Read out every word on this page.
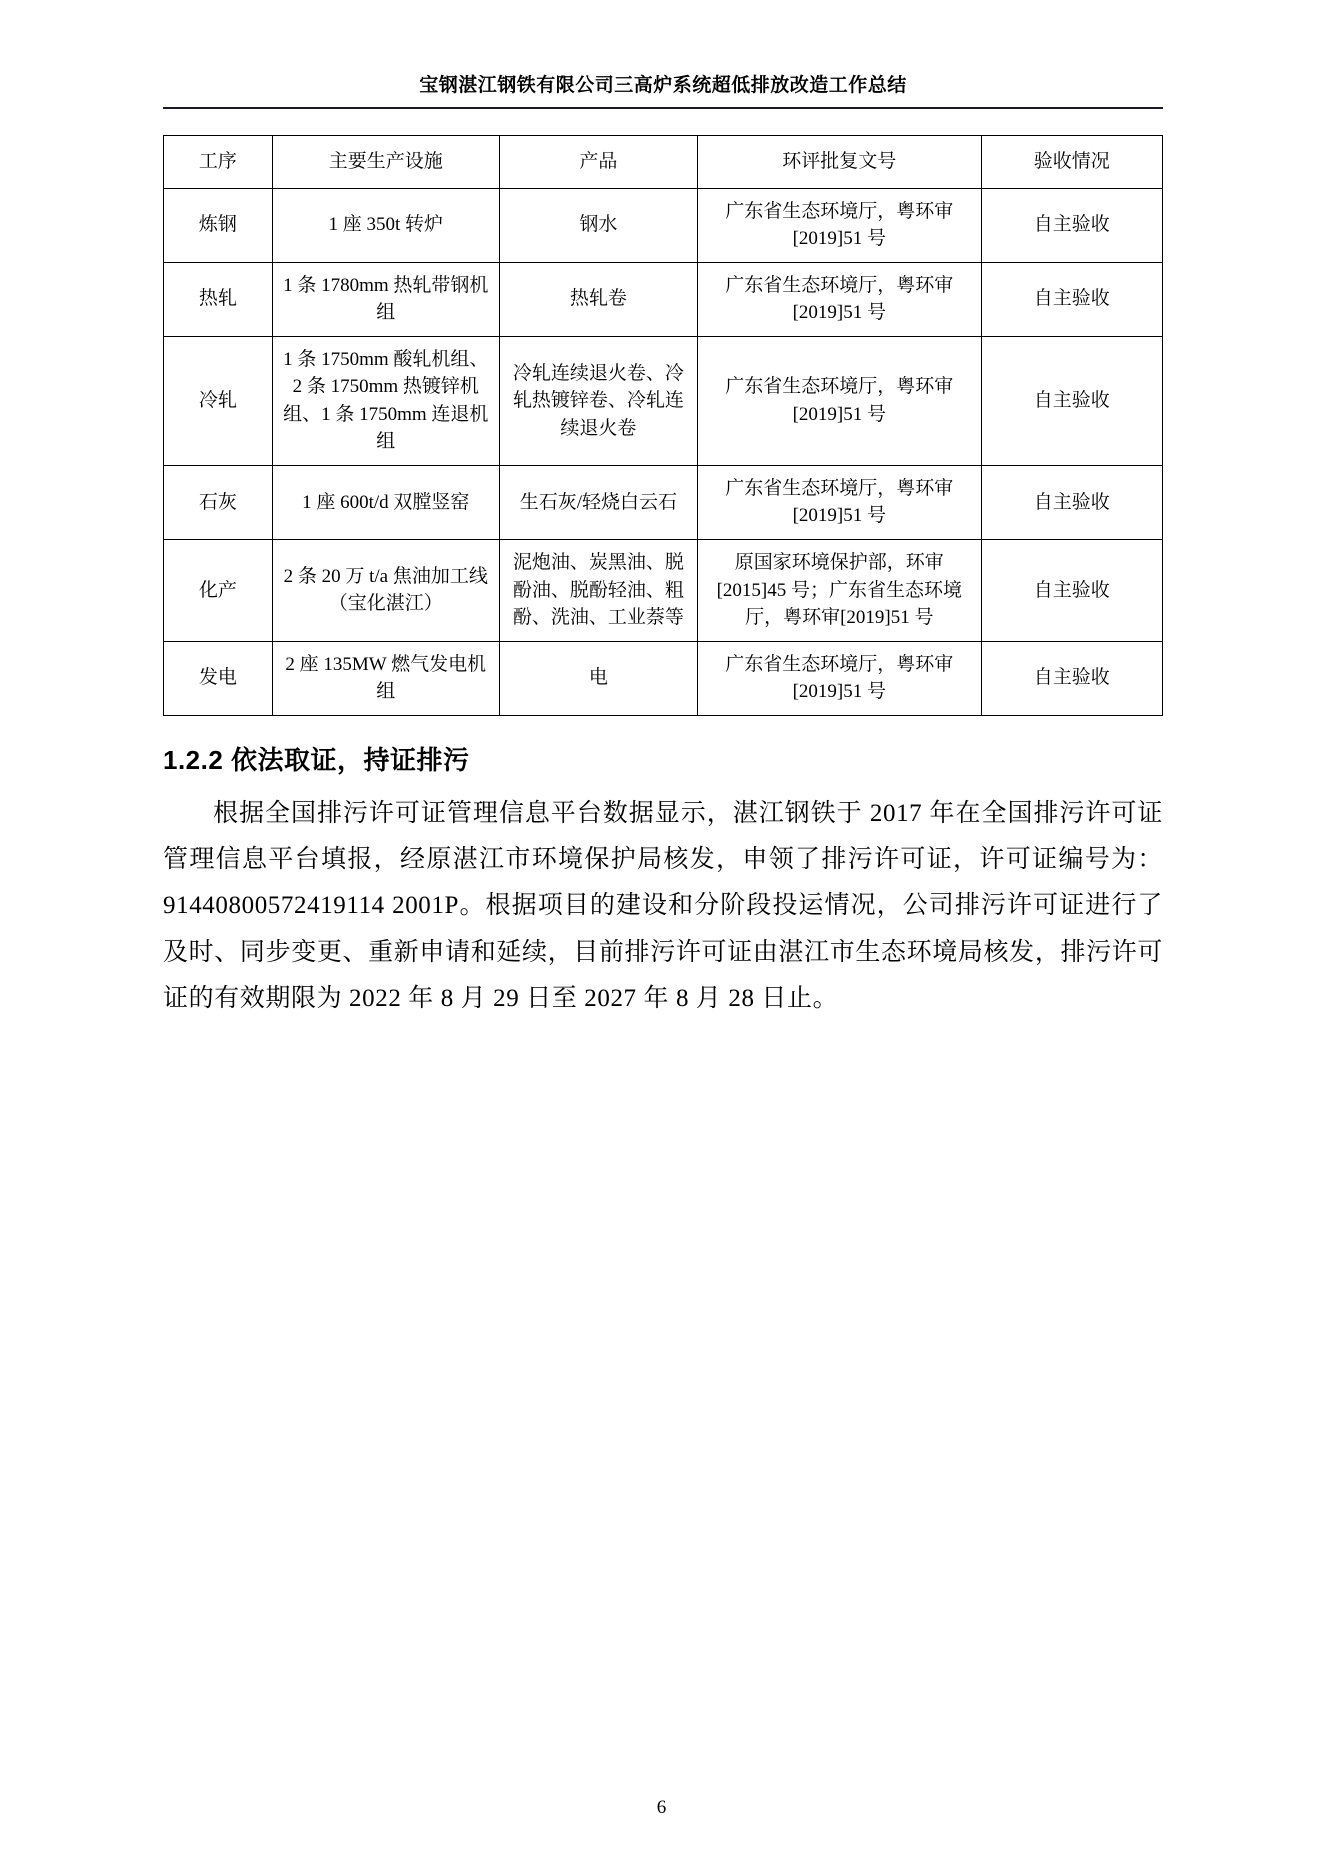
宝钢湛江钢铁有限公司三高炉系统超低排放改造工作总结
工序	主要生产设施	产品	环评批复文号	验收情况
炼钢	1 座 350t 转炉	钢水	广东省生态环境厅，粤环审[2019]51 号	自主验收
热轧	1 条 1780mm 热轧带钢机组	热轧卷	广东省生态环境厅，粤环审[2019]51 号	自主验收
冷轧	1 条 1750mm 酸轧机组、2 条 1750mm 热镀锌机组、1 条 1750mm 连退机组	冷轧连续退火卷、冷轧热镀锌卷、冷轧连续退火卷	广东省生态环境厅，粤环审[2019]51 号	自主验收
石灰	1 座 600t/d 双膛竖窑	生石灰/轻烧白云石	广东省生态环境厅，粤环审[2019]51 号	自主验收
化产	2 条 20 万 t/a 焦油加工线（宝化湛江）	泥炮油、炭黑油、脱酚油、脱酚轻油、粗酚、洗油、工业萘等	原国家环境保护部，环审[2015]45 号；广东省生态环境厅，粤环审[2019]51 号	自主验收
发电	2 座 135MW 燃气发电机组	电	广东省生态环境厅，粤环审[2019]51 号	自主验收
1.2.2 依法取证，持证排污

根据全国排污许可证管理信息平台数据显示，湛江钢铁于 2017 年在全国排污许可证管理信息平台填报，经原湛江市环境保护局核发，申领了排污许可证，许可证编号为：91440800572419114 2001P。根据项目的建设和分阶段投运情况，公司排污许可证进行了及时、同步变更、重新申请和延续，目前排污许可证由湛江市生态环境局核发，排污许可证的有效期限为 2022 年 8 月 29 日至 2027 年 8 月 28 日止。

6
